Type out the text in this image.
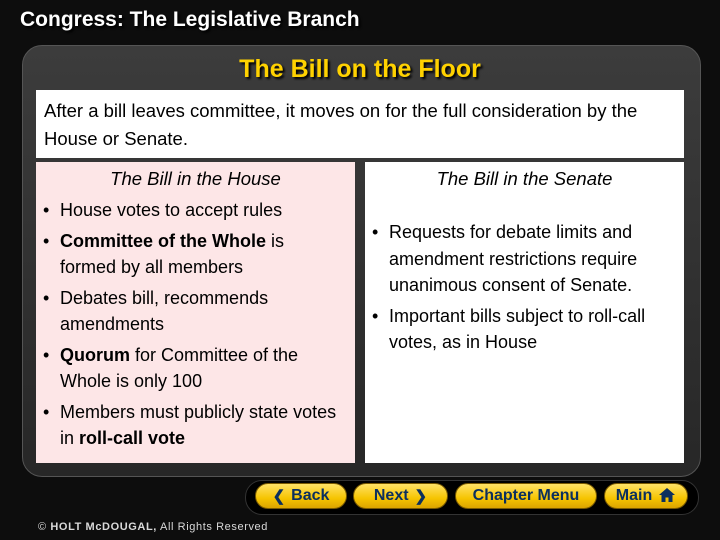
Congress: The Legislative Branch
The Bill on the Floor
After a bill leaves committee, it moves on for the full consideration by the House or Senate.
The Bill in the House
• House votes to accept rules
• Committee of the Whole is formed by all members
• Debates bill, recommends amendments
• Quorum for Committee of the Whole is only 100
• Members must publicly state votes in roll-call vote
The Bill in the Senate
• Requests for debate limits and amendment restrictions require unanimous consent of Senate.
• Important bills subject to roll-call votes, as in House
❮ Back	Next ❯	Chapter Menu Main
© HOLT McDOUGAL, All Rights Reserved
